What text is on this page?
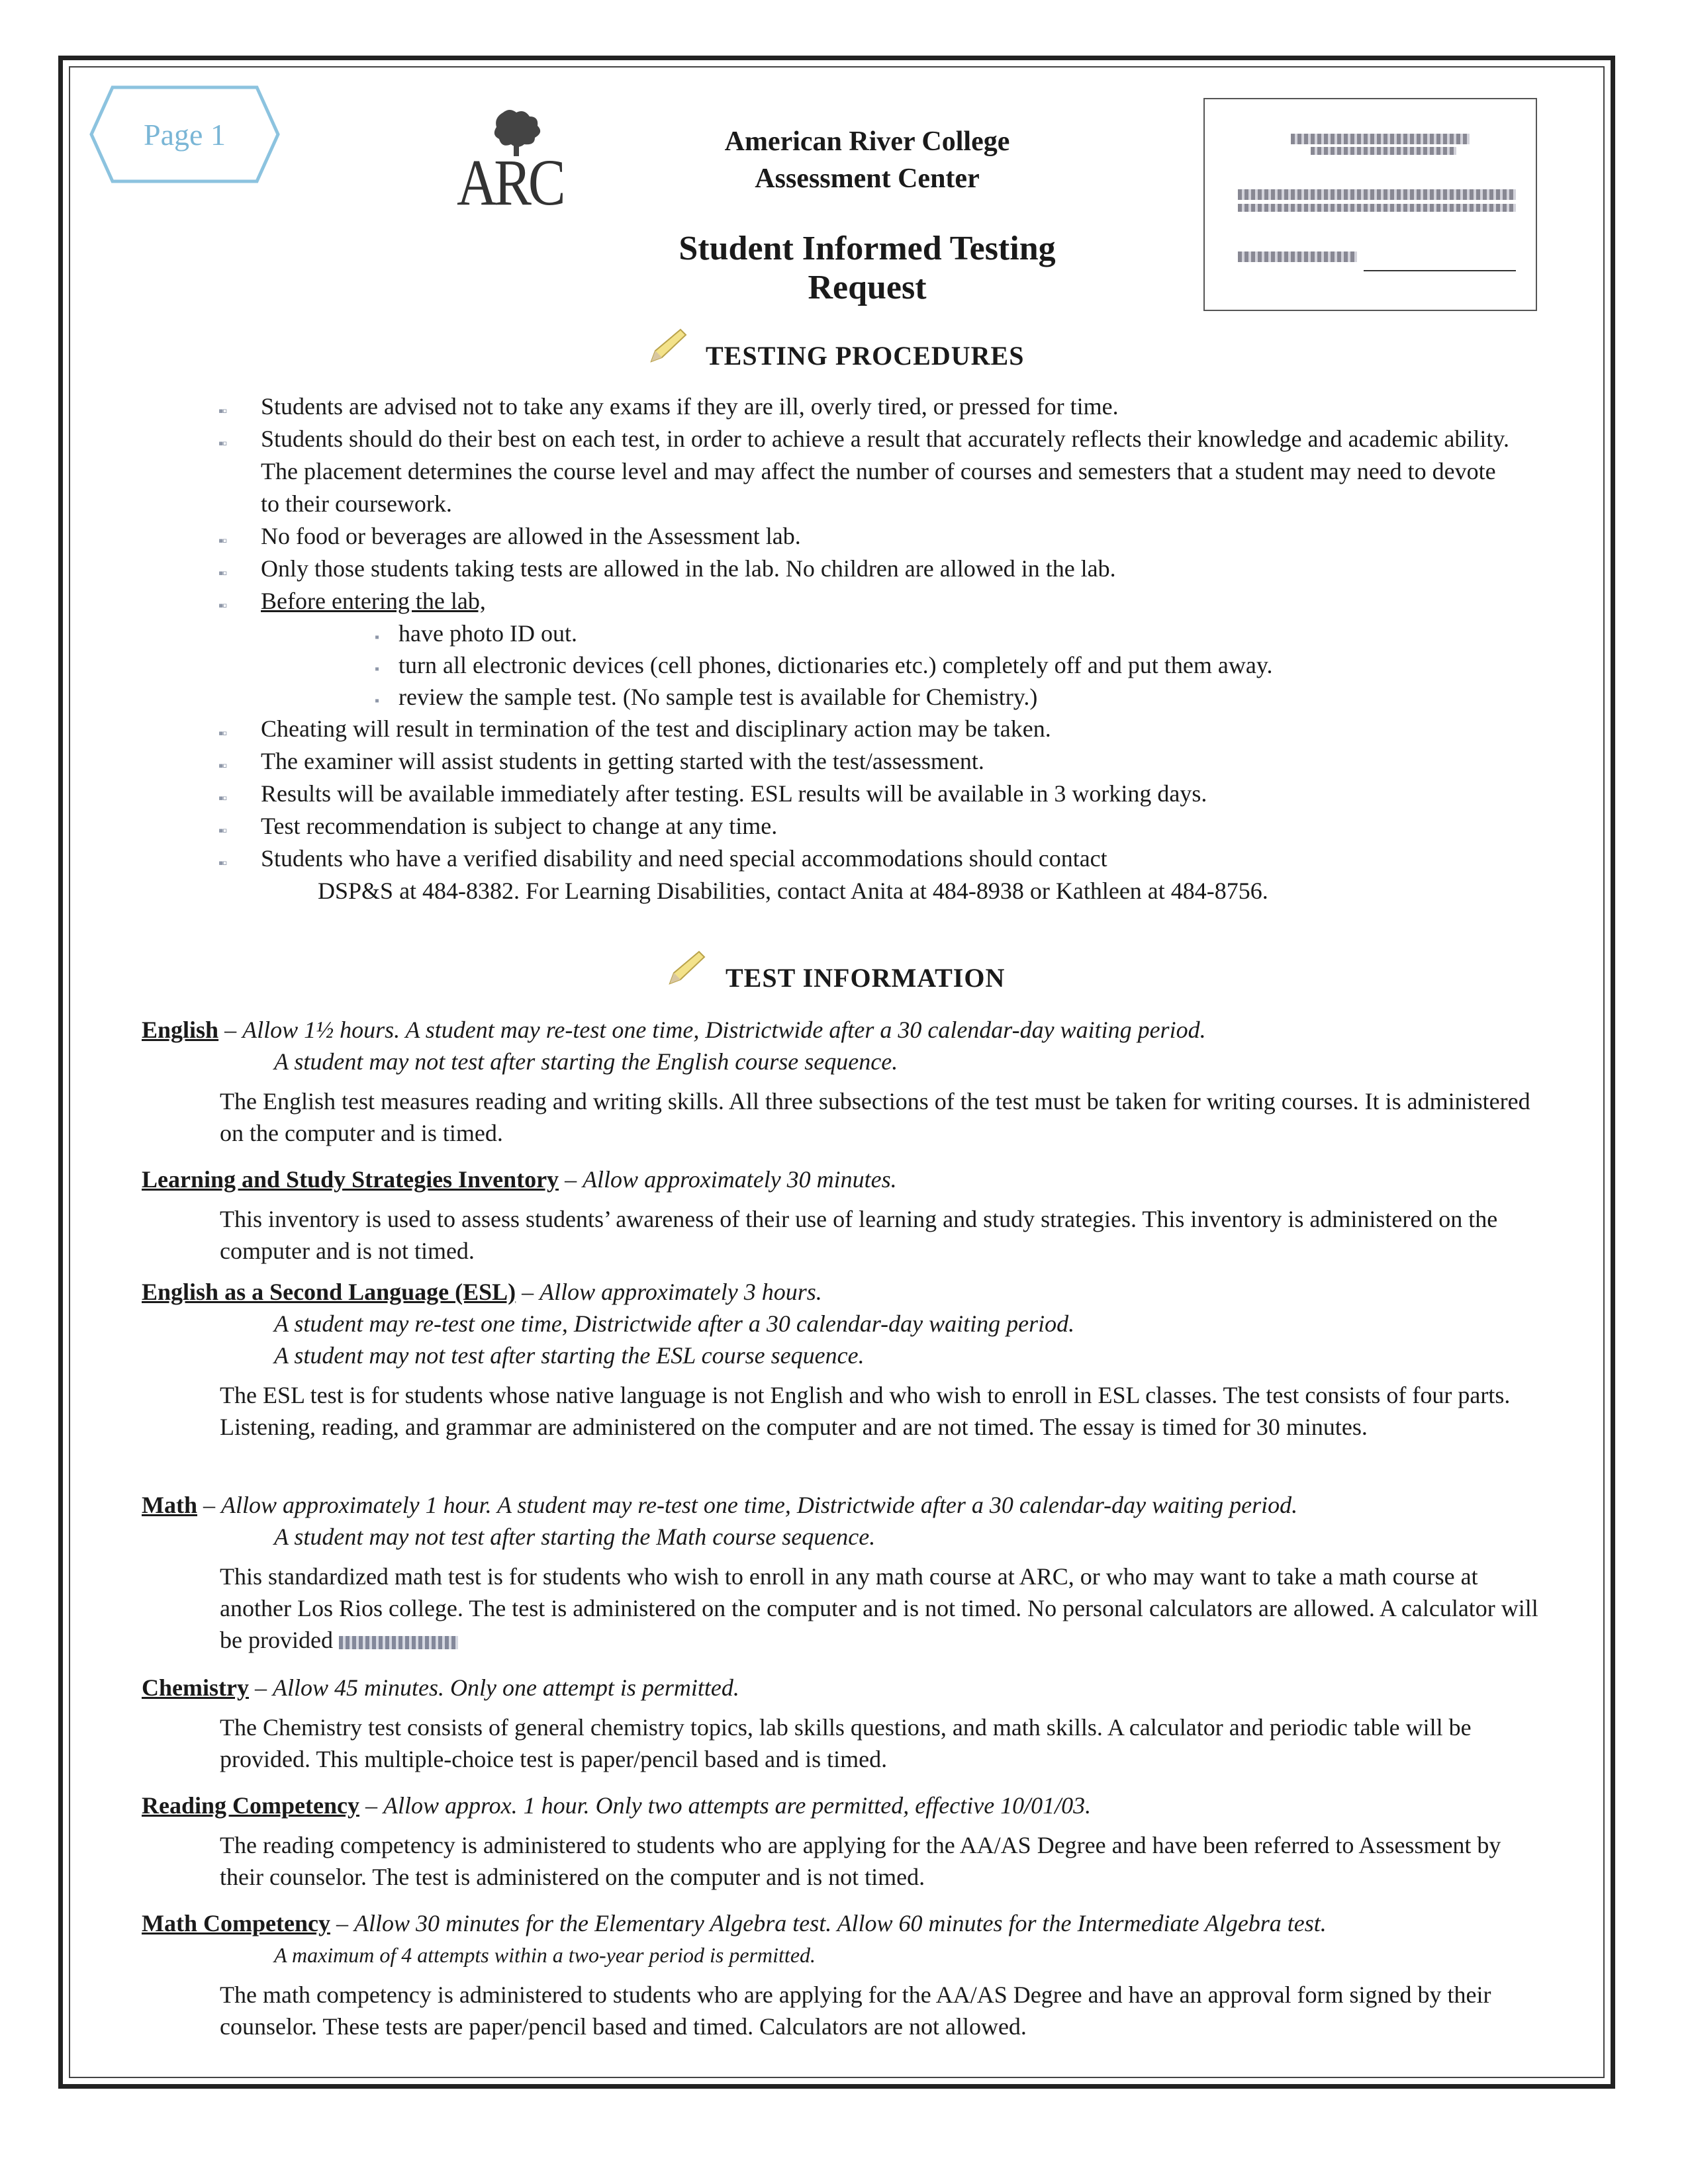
Page 1
ARC
American River College
Assessment Center
Student Informed Testing Request
TESTING PROCEDURES
▪▫ Students are advised not to take any exams if they are ill, overly tired, or pressed for time.
▪▫ Students should do their best on each test, in order to achieve a result that accurately reflects their knowledge and academic ability. The placement determines the course level and may affect the number of courses and semesters that a student may need to devote to their coursework.
▪▫ No food or beverages are allowed in the Assessment lab.
▪▫ Only those students taking tests are allowed in the lab. No children are allowed in the lab.
▪▫ Before entering the lab,
▪ have photo ID out.
▪ turn all electronic devices (cell phones, dictionaries etc.) completely off and put them away.
▪ review the sample test. (No sample test is available for Chemistry.)
▪▫ Cheating will result in termination of the test and disciplinary action may be taken.
▪▫ The examiner will assist students in getting started with the test/assessment.
▪▫ Results will be available immediately after testing. ESL results will be available in 3 working days.
▪▫ Test recommendation is subject to change at any time.
▪▫ Students who have a verified disability and need special accommodations should contact
DSP&S at 484-8382. For Learning Disabilities, contact Anita at 484-8938 or Kathleen at 484-8756.
TEST INFORMATION
English – Allow 1½ hours. A student may re-test one time, Districtwide after a 30 calendar-day waiting period.
A student may not test after starting the English course sequence.
The English test measures reading and writing skills. All three subsections of the test must be taken for writing courses. It is administered on the computer and is timed.
Learning and Study Strategies Inventory – Allow approximately 30 minutes.
This inventory is used to assess students’ awareness of their use of learning and study strategies. This inventory is administered on the computer and is not timed.
English as a Second Language (ESL) – Allow approximately 3 hours.
A student may re-test one time, Districtwide after a 30 calendar-day waiting period.
A student may not test after starting the ESL course sequence.
The ESL test is for students whose native language is not English and who wish to enroll in ESL classes. The test consists of four parts. Listening, reading, and grammar are administered on the computer and are not timed. The essay is timed for 30 minutes.
Math – Allow approximately 1 hour. A student may re-test one time, Districtwide after a 30 calendar-day waiting period.
A student may not test after starting the Math course sequence.
This standardized math test is for students who wish to enroll in any math course at ARC, or who may want to take a math course at another Los Rios college. The test is administered on the computer and is not timed. No personal calculators are allowed. A calculator will be provided
Chemistry – Allow 45 minutes. Only one attempt is permitted.
The Chemistry test consists of general chemistry topics, lab skills questions, and math skills. A calculator and periodic table will be provided. This multiple-choice test is paper/pencil based and is timed.
Reading Competency – Allow approx. 1 hour. Only two attempts are permitted, effective 10/01/03.
The reading competency is administered to students who are applying for the AA/AS Degree and have been referred to Assessment by their counselor. The test is administered on the computer and is not timed.
Math Competency – Allow 30 minutes for the Elementary Algebra test. Allow 60 minutes for the Intermediate Algebra test.
A maximum of 4 attempts within a two-year period is permitted.
The math competency is administered to students who are applying for the AA/AS Degree and have an approval form signed by their counselor. These tests are paper/pencil based and timed. Calculators are not allowed.
